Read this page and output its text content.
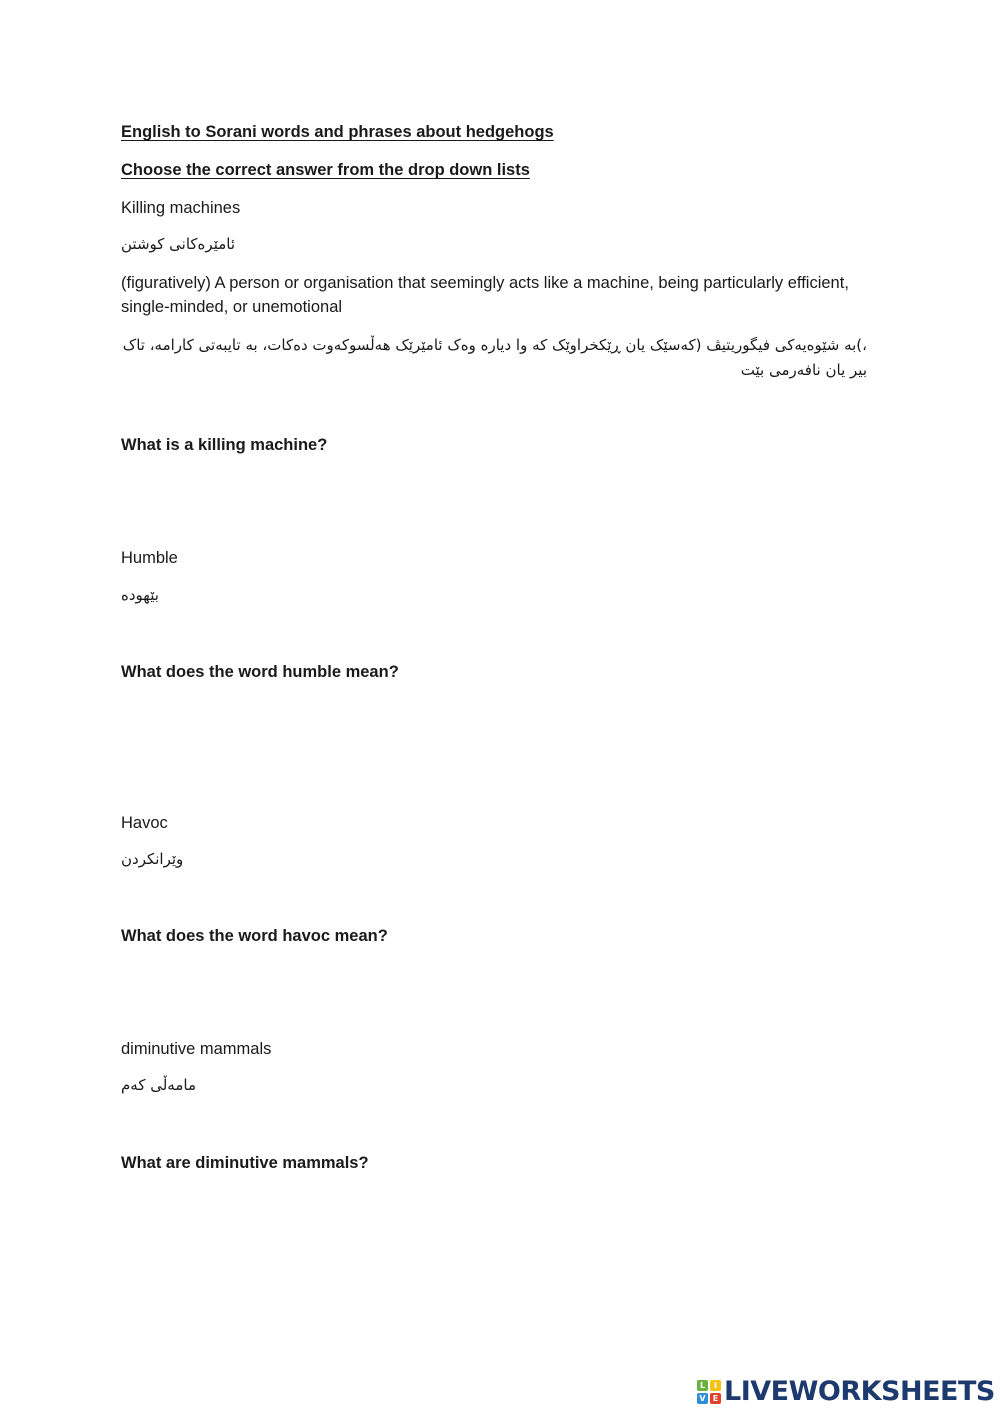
English to Sorani words and phrases about hedgehogs
Choose the correct answer from the drop down lists
Killing machines
ئامێرەکانی کوشتن
(figuratively) A person or organisation that seemingly acts like a machine, being particularly efficient, single-minded, or unemotional
،)بە شێوەیەکی فیگوریتیڤ (کەسێک یان ڕێکخراوێک کە وا دیارە وەک ئامێرێک هەڵسوکەوت دەکات، بە تایبەتی کارامە، تاک بیر یان نافەرمی بێت
What is a killing machine?
Humble
بێهودە
What does the word humble mean?
Havoc
وێرانکردن
What does the word havoc mean?
diminutive mammals
مامەڵی کەم
What are diminutive mammals?
L	I
V E LIVEWORKSHEETS
